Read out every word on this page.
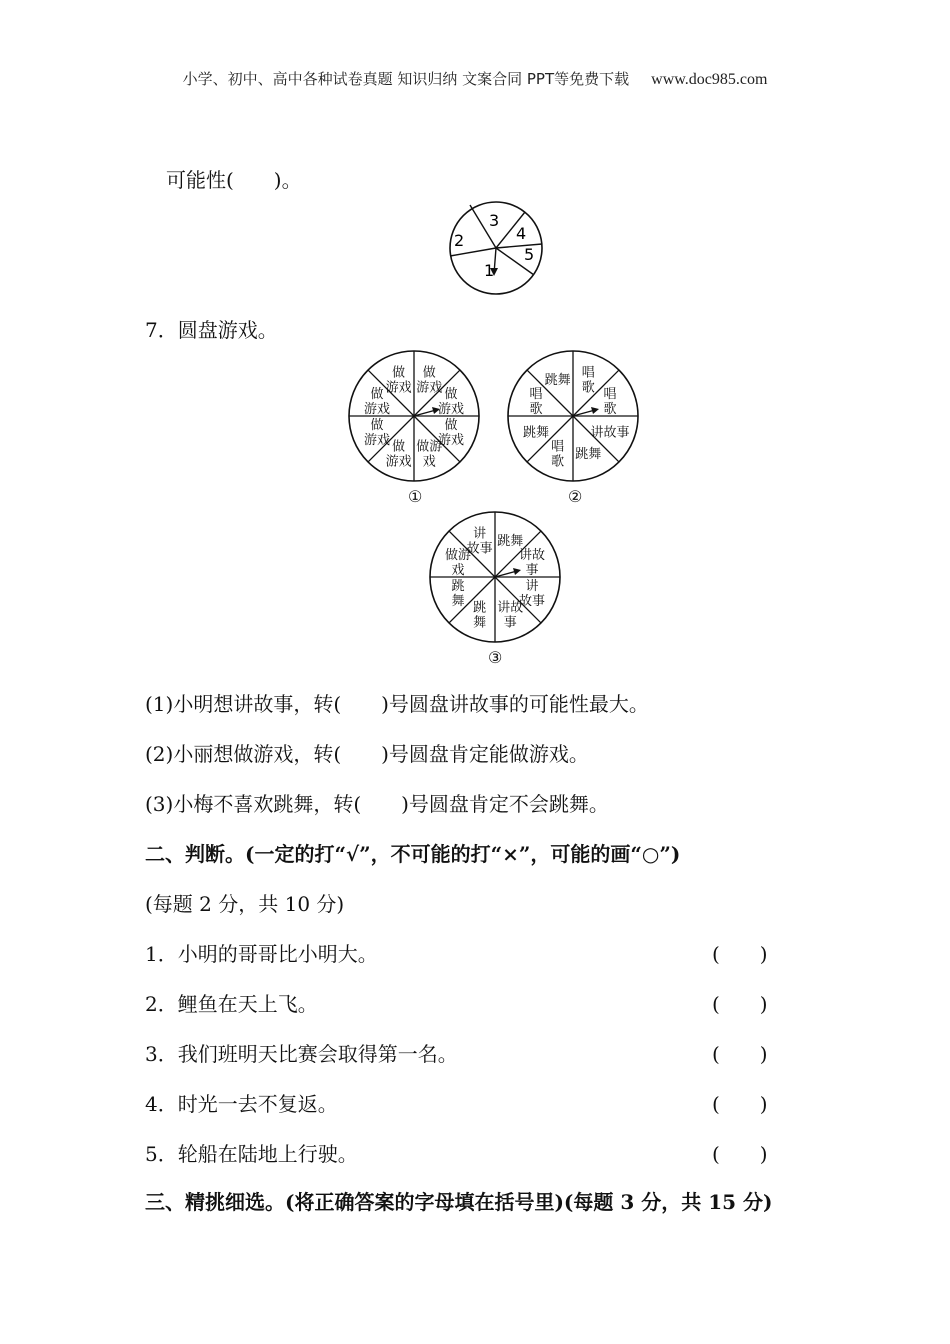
小学、初中、高中各种试卷真题 知识归纳 文案合同 PPT等免费下载 www.doc985.com
可能性(　　)。
3
4
5
1
2
7．圆盘游戏。
做游戏 做游戏
做游戏
做游戏
做游戏
做游戏
做游戏
做游戏
①
唱歌 唱歌
讲故事
跳舞
唱歌
跳舞
唱歌
跳舞
②
跳舞
讲故事
讲故事
讲故事
跳舞
跳舞
做游戏
讲故事
③
(1)小明想讲故事，转(　　)号圆盘讲故事的可能性最大。
(2)小丽想做游戏，转(　　)号圆盘肯定能做游戏。
(3)小梅不喜欢跳舞，转(　　)号圆盘肯定不会跳舞。
二、判断。(一定的打“√”，不可能的打“×”，可能的画“○”)
(每题 2 分，共 10 分)
1．小明的哥哥比小明大。	(　　)
2．鲤鱼在天上飞。	(　　)
3．我们班明天比赛会取得第一名。	(　　)
4．时光一去不复返。	(　　)
5．轮船在陆地上行驶。	(　　)
三、精挑细选。(将正确答案的字母填在括号里)(每题 3 分，共 15 分)
